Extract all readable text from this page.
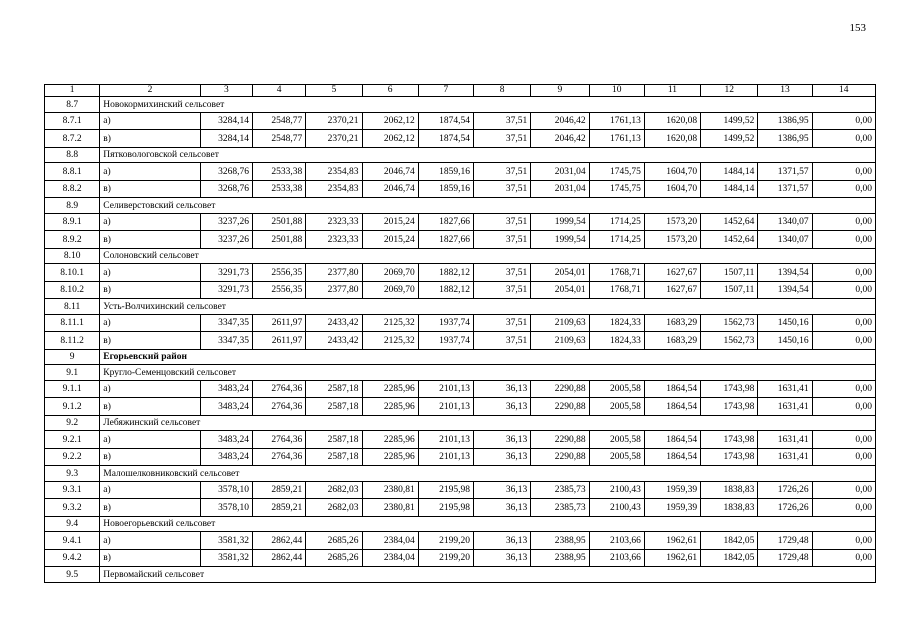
153
1	2	3	4	5	6	7	8	9	10	11	12	13	14
8.7	Новокормихинский сельсовет												
8.7.1	а)	3284,14	2548,77	2370,21	2062,12	1874,54	37,51	2046,42	1761,13	1620,08	1499,52	1386,95	0,00
8.7.2	в)	3284,14	2548,77	2370,21	2062,12	1874,54	37,51	2046,42	1761,13	1620,08	1499,52	1386,95	0,00
8.8	Пятковологовской сельсовет												
8.8.1	а)	3268,76	2533,38	2354,83	2046,74	1859,16	37,51	2031,04	1745,75	1604,70	1484,14	1371,57	0,00
8.8.2	в)	3268,76	2533,38	2354,83	2046,74	1859,16	37,51	2031,04	1745,75	1604,70	1484,14	1371,57	0,00
8.9	Селиверстовский сельсовет												
8.9.1	а)	3237,26	2501,88	2323,33	2015,24	1827,66	37,51	1999,54	1714,25	1573,20	1452,64	1340,07	0,00
8.9.2	в)	3237,26	2501,88	2323,33	2015,24	1827,66	37,51	1999,54	1714,25	1573,20	1452,64	1340,07	0,00
8.10	Солоновский сельсовет												
8.10.1	а)	3291,73	2556,35	2377,80	2069,70	1882,12	37,51	2054,01	1768,71	1627,67	1507,11	1394,54	0,00
8.10.2	в)	3291,73	2556,35	2377,80	2069,70	1882,12	37,51	2054,01	1768,71	1627,67	1507,11	1394,54	0,00
8.11	Усть-Волчихинский сельсовет												
8.11.1	а)	3347,35	2611,97	2433,42	2125,32	1937,74	37,51	2109,63	1824,33	1683,29	1562,73	1450,16	0,00
8.11.2	в)	3347,35	2611,97	2433,42	2125,32	1937,74	37,51	2109,63	1824,33	1683,29	1562,73	1450,16	0,00
9	Егорьевский район												
9.1	Кругло-Семенцовский сельсовет												
9.1.1	а)	3483,24	2764,36	2587,18	2285,96	2101,13	36,13	2290,88	2005,58	1864,54	1743,98	1631,41	0,00
9.1.2	в)	3483,24	2764,36	2587,18	2285,96	2101,13	36,13	2290,88	2005,58	1864,54	1743,98	1631,41	0,00
9.2	Лебяжинский сельсовет												
9.2.1	а)	3483,24	2764,36	2587,18	2285,96	2101,13	36,13	2290,88	2005,58	1864,54	1743,98	1631,41	0,00
9.2.2	в)	3483,24	2764,36	2587,18	2285,96	2101,13	36,13	2290,88	2005,58	1864,54	1743,98	1631,41	0,00
9.3	Малошелковниковский сельсовет												
9.3.1	а)	3578,10	2859,21	2682,03	2380,81	2195,98	36,13	2385,73	2100,43	1959,39	1838,83	1726,26	0,00
9.3.2	в)	3578,10	2859,21	2682,03	2380,81	2195,98	36,13	2385,73	2100,43	1959,39	1838,83	1726,26	0,00
9.4	Новоегорьевский сельсовет												
9.4.1	а)	3581,32	2862,44	2685,26	2384,04	2199,20	36,13	2388,95	2103,66	1962,61	1842,05	1729,48	0,00
9.4.2	в)	3581,32	2862,44	2685,26	2384,04	2199,20	36,13	2388,95	2103,66	1962,61	1842,05	1729,48	0,00
9.5	Первомайский сельсовет												
